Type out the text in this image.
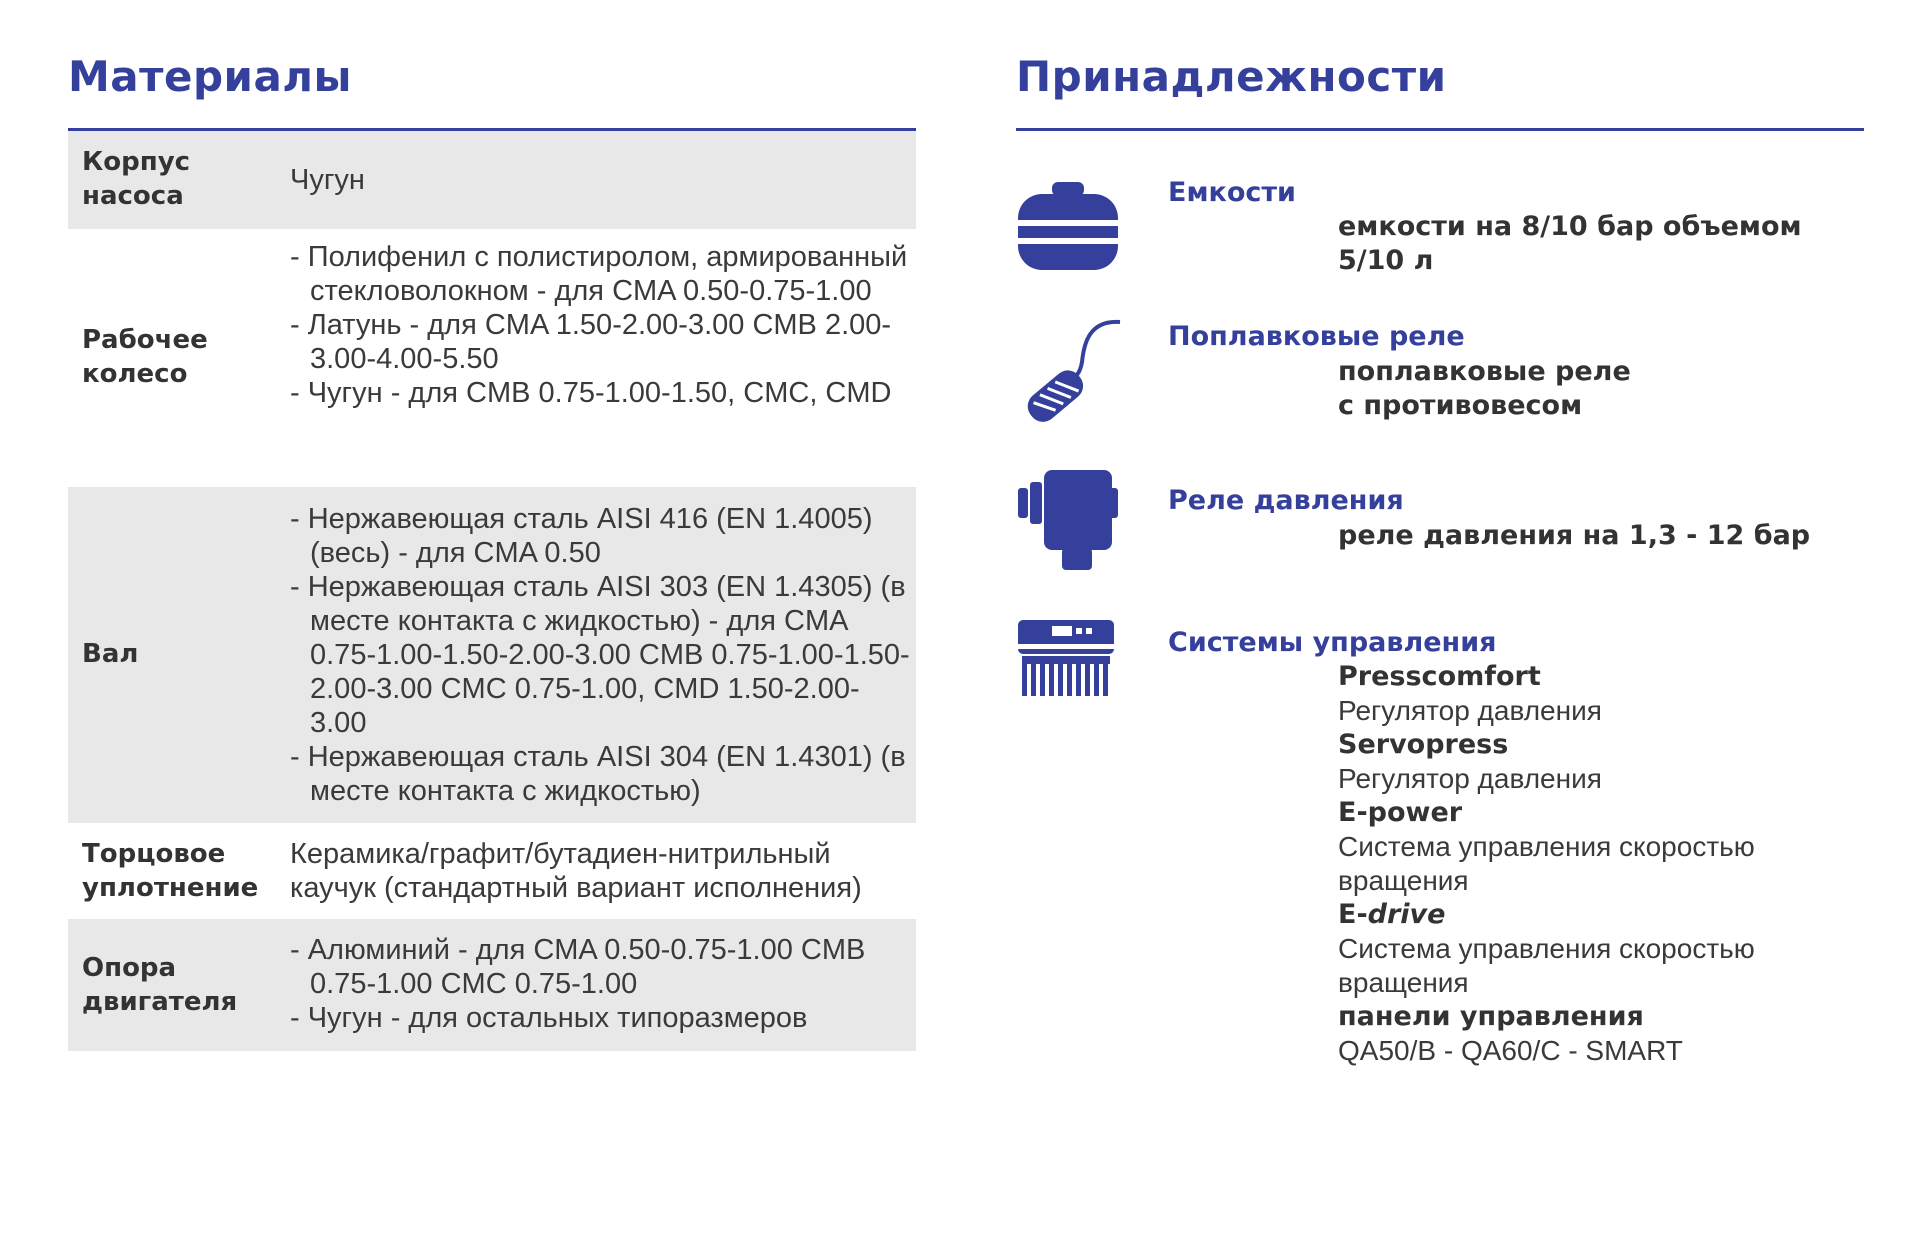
Материалы
Корпус насоса	Чугун
Рабочее колесо
- Полифенил с полистиролом, армированный стекловолокном - для CMA 0.50-0.75-1.00
- Латунь - для CMA 1.50-2.00-3.00 CMB 2.00-3.00-4.00-5.50
- Чугун - для CMB 0.75-1.00-1.50, CMC, CMD
Вал
- Нержавеющая сталь AISI 416 (EN 1.4005) (весь) - для CMA 0.50
- Нержавеющая сталь AISI 303 (EN 1.4305) (в месте контакта с жидкостью) - для CMA 0.75-1.00-1.50-2.00-3.00 CMB 0.75-1.00-1.50-2.00-3.00 CMC 0.75-1.00, CMD 1.50-2.00-3.00
- Нержавеющая сталь AISI 304 (EN 1.4301) (в месте контакта с жидкостью)
Торцовое уплотнение
Керамика/графит/бутадиен-нитрильный каучук (стандартный вариант исполнения)
Опора двигателя
- Алюминий - для CMA 0.50-0.75-1.00 CMB 0.75-1.00 CMC 0.75-1.00
- Чугун - для остальных типоразмеров
Принадлежности
Емкости
емкости на 8/10 бар объемом
5/10 л
Поплавковые реле
поплавковые реле
с противовесом
Реле давления
реле давления на 1,3 - 12 бар
Системы управления
Presscomfort
Регулятор давления
Servopress
Регулятор давления
E-power
Система управления скоростью вращения
E-drive
Система управления скоростью вращения
панели управления
QA50/B - QA60/C - SMART
